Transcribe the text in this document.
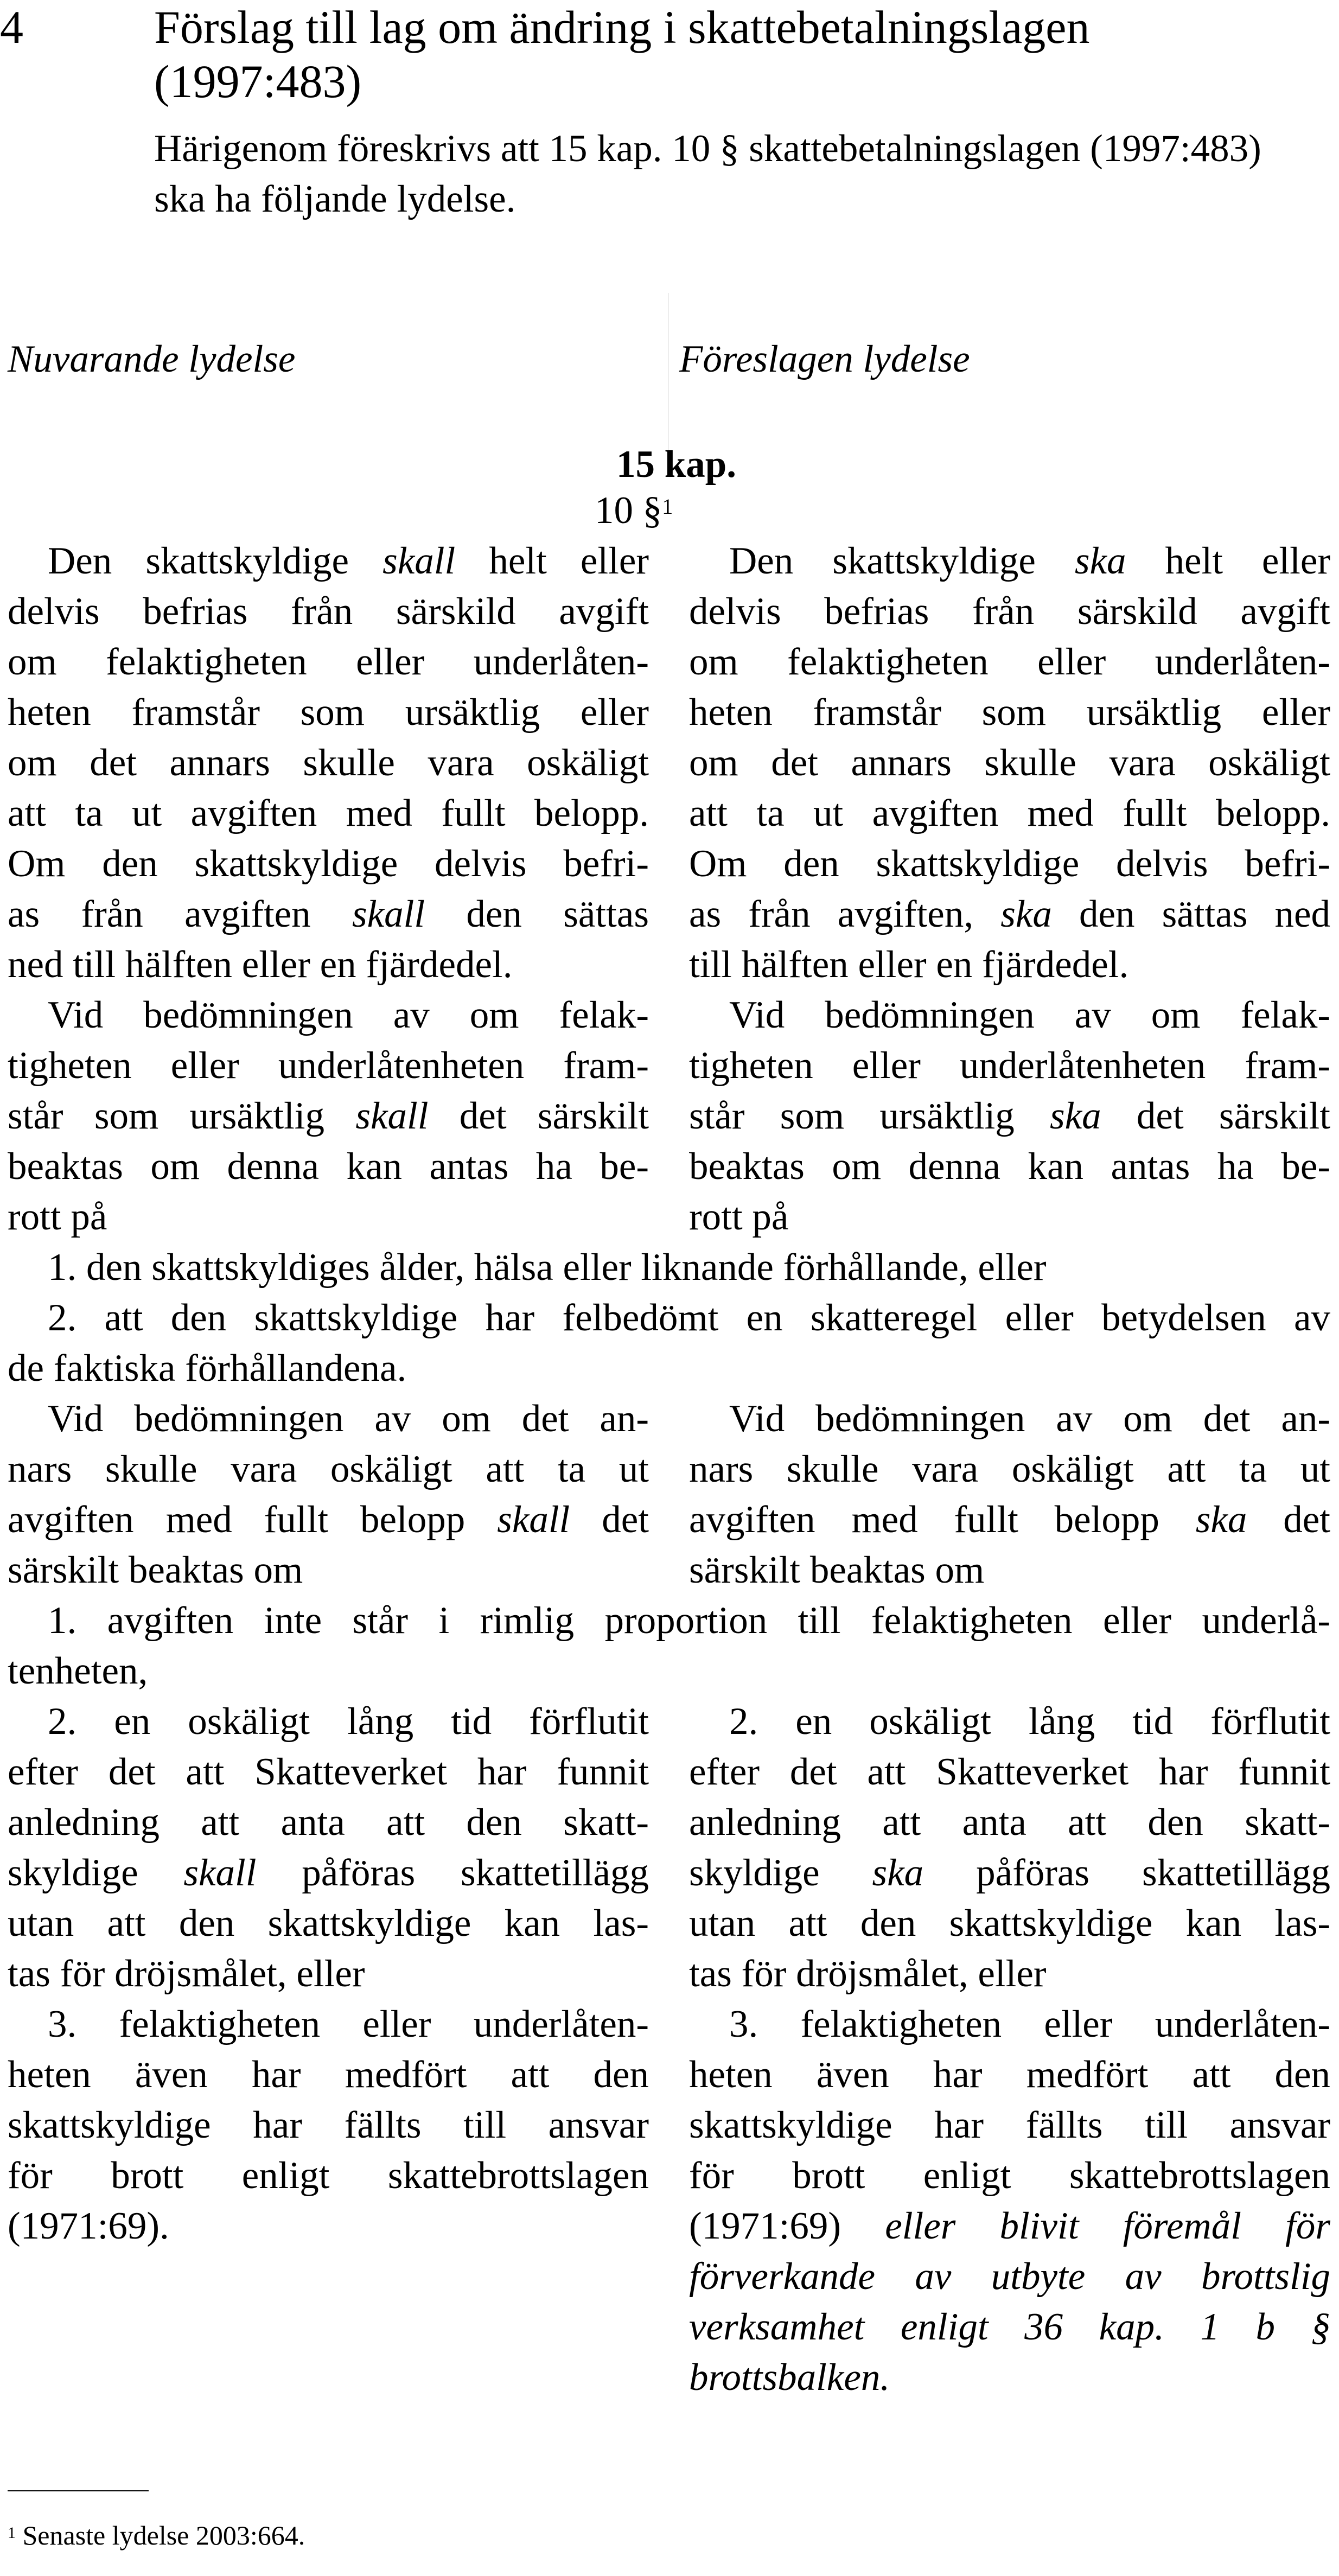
4	Förslag till lag om ändring i skattebetalningslagen
(1997:483)
Härigenom föreskrivs att 15 kap. 10 § skattebetalningslagen (1997:483)
ska ha följande lydelse.
Nuvarande lydelse	Föreslagen lydelse
15 kap.
10 §$^1$
Den skattskyldige skall helt eller
delvis befrias från särskild avgift
om felaktigheten eller underlåten-
heten framstår som ursäktlig eller
om det annars skulle vara oskäligt
att ta ut avgiften med fullt belopp.
Om den skattskyldige delvis befri-
as från avgiften skall den sättas
ned till hälften eller en fjärdedel.
Den skattskyldige ska helt eller
delvis befrias från särskild avgift
om felaktigheten eller underlåten-
heten framstår som ursäktlig eller
om det annars skulle vara oskäligt
att ta ut avgiften med fullt belopp.
Om den skattskyldige delvis befri-
as från avgiften, ska den sättas ned
till hälften eller en fjärdedel.
Vid bedömningen av om felak-
tigheten eller underlåtenheten fram-
står som ursäktlig skall det särskilt
beaktas om denna kan antas ha be-
rott på
Vid bedömningen av om felak-
tigheten eller underlåtenheten fram-
står som ursäktlig ska det särskilt
beaktas om denna kan antas ha be-
rott på
1. den skattskyldiges ålder, hälsa eller liknande förhållande, eller
2. att den skattskyldige har felbedömt en skatteregel eller betydelsen av
de faktiska förhållandena.
Vid bedömningen av om det an-
nars skulle vara oskäligt att ta ut
avgiften med fullt belopp skall det
särskilt beaktas om
Vid bedömningen av om det an-
nars skulle vara oskäligt att ta ut
avgiften med fullt belopp ska det
särskilt beaktas om
1. avgiften inte står i rimlig proportion till felaktigheten eller underlå-
tenheten,
2. en oskäligt lång tid förflutit
efter det att Skatteverket har funnit
anledning att anta att den skatt-
skyldige skall påföras skattetillägg
utan att den skattskyldige kan las-
tas för dröjsmålet, eller
2. en oskäligt lång tid förflutit
efter det att Skatteverket har funnit
anledning att anta att den skatt-
skyldige ska påföras skattetillägg
utan att den skattskyldige kan las-
tas för dröjsmålet, eller
3. felaktigheten eller underlåten-
heten även har medfört att den
skattskyldige har fällts till ansvar
för brott enligt skattebrottslagen
(1971:69).
3. felaktigheten eller underlåten-
heten även har medfört att den
skattskyldige har fällts till ansvar
för brott enligt skattebrottslagen
(1971:69) eller blivit föremål för
förverkande av utbyte av brottslig
verksamhet enligt 36 kap. 1 b §
brottsbalken.
$^1$ Senaste lydelse 2003:664.
